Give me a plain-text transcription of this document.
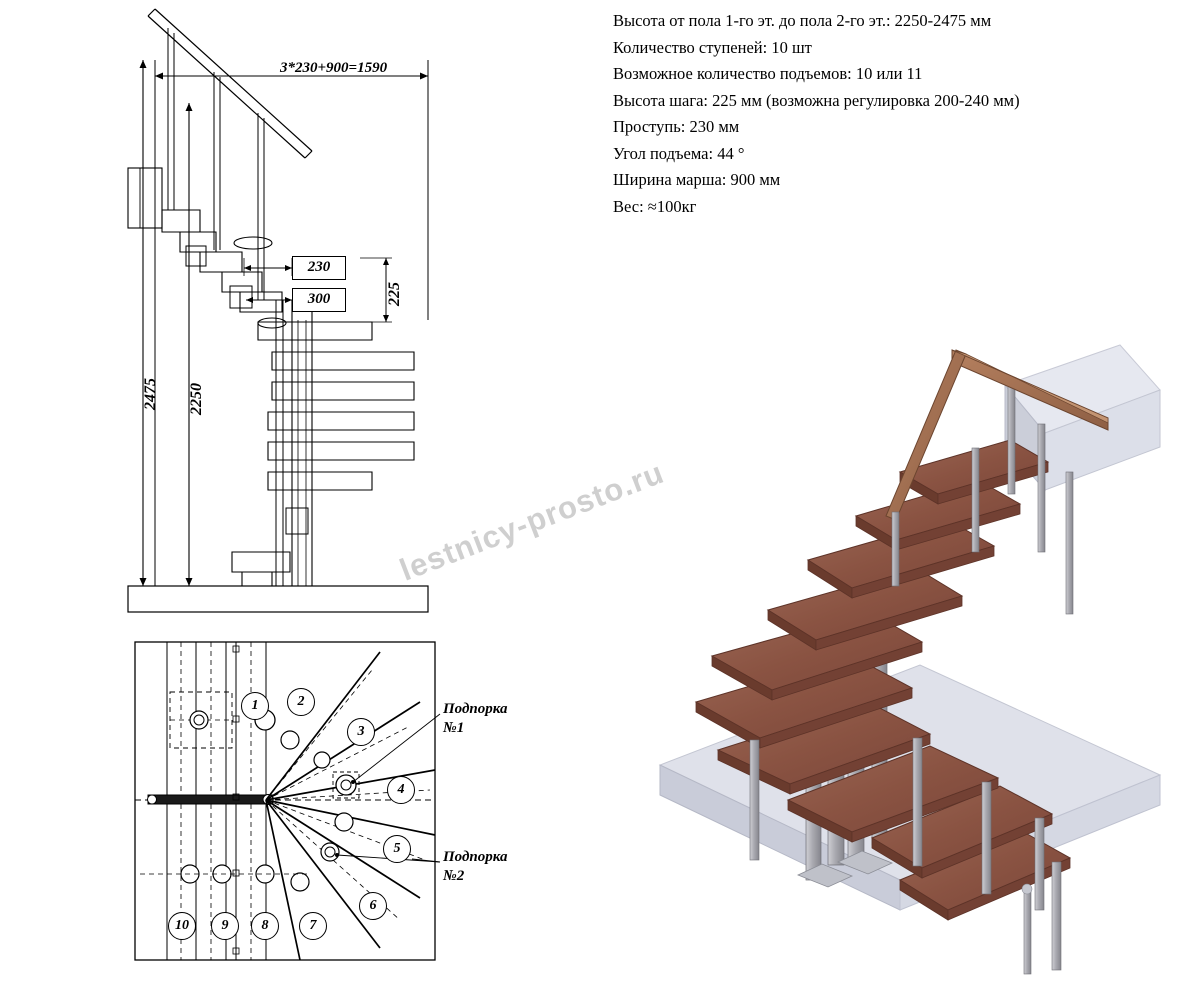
Высота от пола 1-го эт. до пола 2-го эт.: 2250-2475 мм
Количество ступеней: 10 шт
Возможное количество подъемов: 10 или 11
Высота шага: 225 мм (возможна регулировка 200-240 мм)
Проступь: 230 мм
Угол подъема: 44 °
Ширина марша: 900 мм
Вес: ≈100кг
3*230+900=1590
230
300	225
2475 2250
1	2
3
4
5
6
7
8
9
10
Подпорка
№1
Подпорка
№2
lestnicy-prosto.ru
